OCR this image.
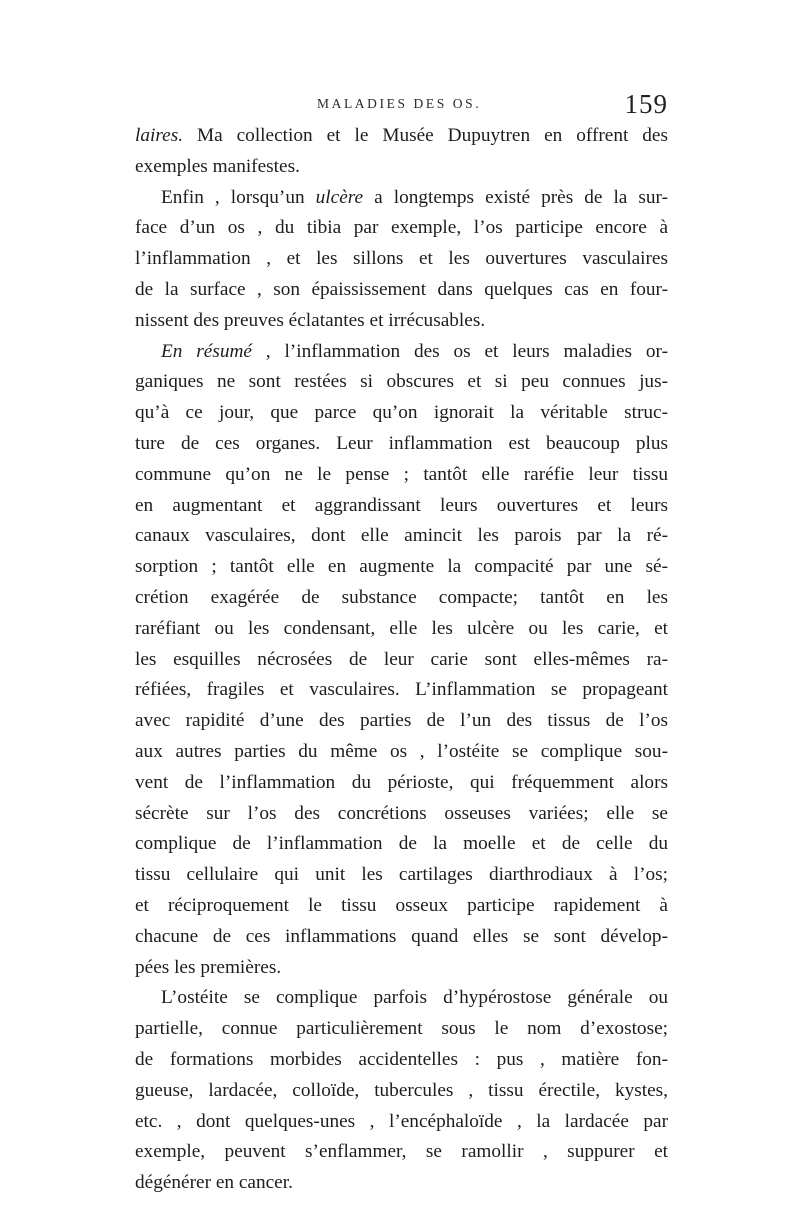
MALADIES DES OS.	159
laires. Ma collection et le Musée Dupuytren en offrent des
exemples manifestes.
Enfin , lorsqu’un ulcère a longtemps existé près de la sur-
face d’un os , du tibia par exemple, l’os participe encore à
l’inflammation , et les sillons et les ouvertures vasculaires
de la surface , son épaississement dans quelques cas en four-
nissent des preuves éclatantes et irrécusables.
En résumé , l’inflammation des os et leurs maladies or-
ganiques ne sont restées si obscures et si peu connues jus-
qu’à ce jour, que parce qu’on ignorait la véritable struc-
ture de ces organes. Leur inflammation est beaucoup plus
commune qu’on ne le pense ; tantôt elle raréfie leur tissu
en augmentant et aggrandissant leurs ouvertures et leurs
canaux vasculaires, dont elle amincit les parois par la ré-
sorption ; tantôt elle en augmente la compacité par une sé-
crétion exagérée de substance compacte; tantôt en les
raréfiant ou les condensant, elle les ulcère ou les carie, et
les esquilles nécrosées de leur carie sont elles-mêmes ra-
réfiées, fragiles et vasculaires. L’inflammation se propageant
avec rapidité d’une des parties de l’un des tissus de l’os
aux autres parties du même os , l’ostéite se complique sou-
vent de l’inflammation du périoste, qui fréquemment alors
sécrète sur l’os des concrétions osseuses variées; elle se
complique de l’inflammation de la moelle et de celle du
tissu cellulaire qui unit les cartilages diarthrodiaux à l’os;
et réciproquement le tissu osseux participe rapidement à
chacune de ces inflammations quand elles se sont dévelop-
pées les premières.
L’ostéite se complique parfois d’hypérostose générale ou
partielle, connue particulièrement sous le nom d’exostose;
de formations morbides accidentelles : pus , matière fon-
gueuse, lardacée, colloïde, tubercules , tissu érectile, kystes,
etc. , dont quelques-unes , l’encéphaloïde , la lardacée par
exemple, peuvent s’enflammer, se ramollir , suppurer et
dégénérer en cancer.
